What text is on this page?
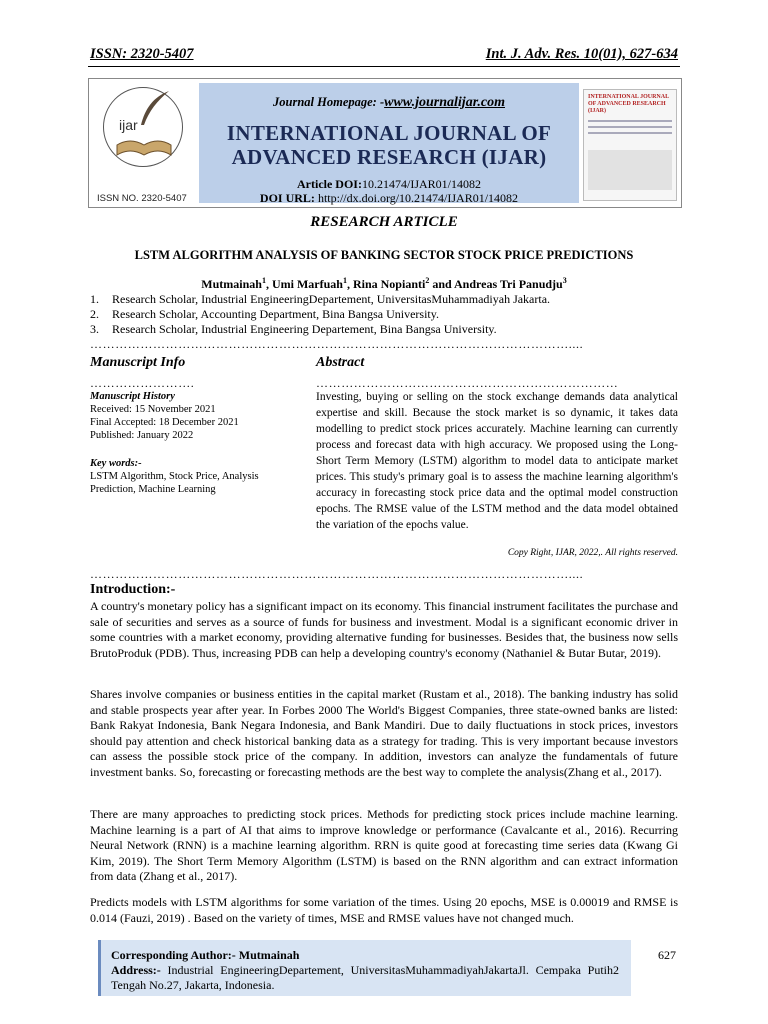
ISSN: 2320-5407	Int. J. Adv. Res. 10(01), 627-634
ijar
ISSN NO. 2320-5407
Journal Homepage: -www.journalijar.com
INTERNATIONAL JOURNAL OF
ADVANCED RESEARCH (IJAR)
Article DOI:10.21474/IJAR01/14082
DOI URL: http://dx.doi.org/10.21474/IJAR01/14082
INTERNATIONAL JOURNAL OF ADVANCED RESEARCH (IJAR)
RESEARCH ARTICLE
LSTM ALGORITHM ANALYSIS OF BANKING SECTOR STOCK PRICE PREDICTIONS
Mutmainah$^1$, Umi Marfuah$^1$, Rina Nopianti$^2$ and Andreas Tri Panudju$^3$
1. Research Scholar, Industrial EngineeringDepartement, UniversitasMuhammadiyah Jakarta.
2. Research Scholar, Accounting Department, Bina Bangsa University.
3. Research Scholar, Industrial Engineering Departement, Bina Bangsa University.
……………………………………………………………………………………………………....
Manuscript Info	Abstract
…………………….	………………………………………………………………
Manuscript History
Received: 15 November 2021
Final Accepted: 18 December 2021
Published: January 2022
Key words:-
LSTM Algorithm, Stock Price, Analysis Prediction, Machine Learning
Investing, buying or selling on the stock exchange demands data analytical expertise and skill. Because the stock market is so dynamic, it takes data modelling to predict stock prices accurately. Machine learning can currently process and forecast data with high accuracy. We proposed using the Long-Short Term Memory (LSTM) algorithm to model data to anticipate market prices. This study's primary goal is to assess the machine learning algorithm's accuracy in forecasting stock price data and the optimal model construction epochs. The RMSE value of the LSTM method and the data model obtained the variation of the epochs value.
Copy Right, IJAR, 2022,. All rights reserved.
……………………………………………………………………………………………………....
Introduction:-
A country's monetary policy has a significant impact on its economy. This financial instrument facilitates the purchase and sale of securities and serves as a source of funds for business and investment. Modal is a significant economic driver in some countries with a market economy, providing alternative funding for businesses. Besides that, the business now sells BrutoProduk (PDB). Thus, increasing PDB can help a developing country's economy (Nathaniel & Butar Butar, 2019).
Shares involve companies or business entities in the capital market (Rustam et al., 2018). The banking industry has solid and stable prospects year after year. In Forbes 2000 The World's Biggest Companies, three state-owned banks are listed: Bank Rakyat Indonesia, Bank Negara Indonesia, and Bank Mandiri. Due to daily fluctuations in stock prices, investors should pay attention and check historical banking data as a strategy for trading. This is very important because investors can assess the possible stock price of the company. In addition, investors can analyze the fundamentals of future investment banks. So, forecasting or forecasting methods are the best way to complete the analysis(Zhang et al., 2017).
There are many approaches to predicting stock prices. Methods for predicting stock prices include machine learning. Machine learning is a part of AI that aims to improve knowledge or performance (Cavalcante et al., 2016). Recurring Neural Network (RNN) is a machine learning algorithm. RRN is quite good at forecasting time series data (Kwang Gi Kim, 2019). The Short Term Memory Algorithm (LSTM) is based on the RNN algorithm and can extract information from data (Zhang et al., 2017).
Predicts models with LSTM algorithms for some variation of the times. Using 20 epochs, MSE is 0.00019 and RMSE is 0.014 (Fauzi, 2019) . Based on the variety of times, MSE and RMSE values have not changed much.
Corresponding Author:- Mutmainah
Address:- Industrial EngineeringDepartement, UniversitasMuhammadiyahJakartaJl. Cempaka Putih2 Tengah No.27, Jakarta, Indonesia.
627
